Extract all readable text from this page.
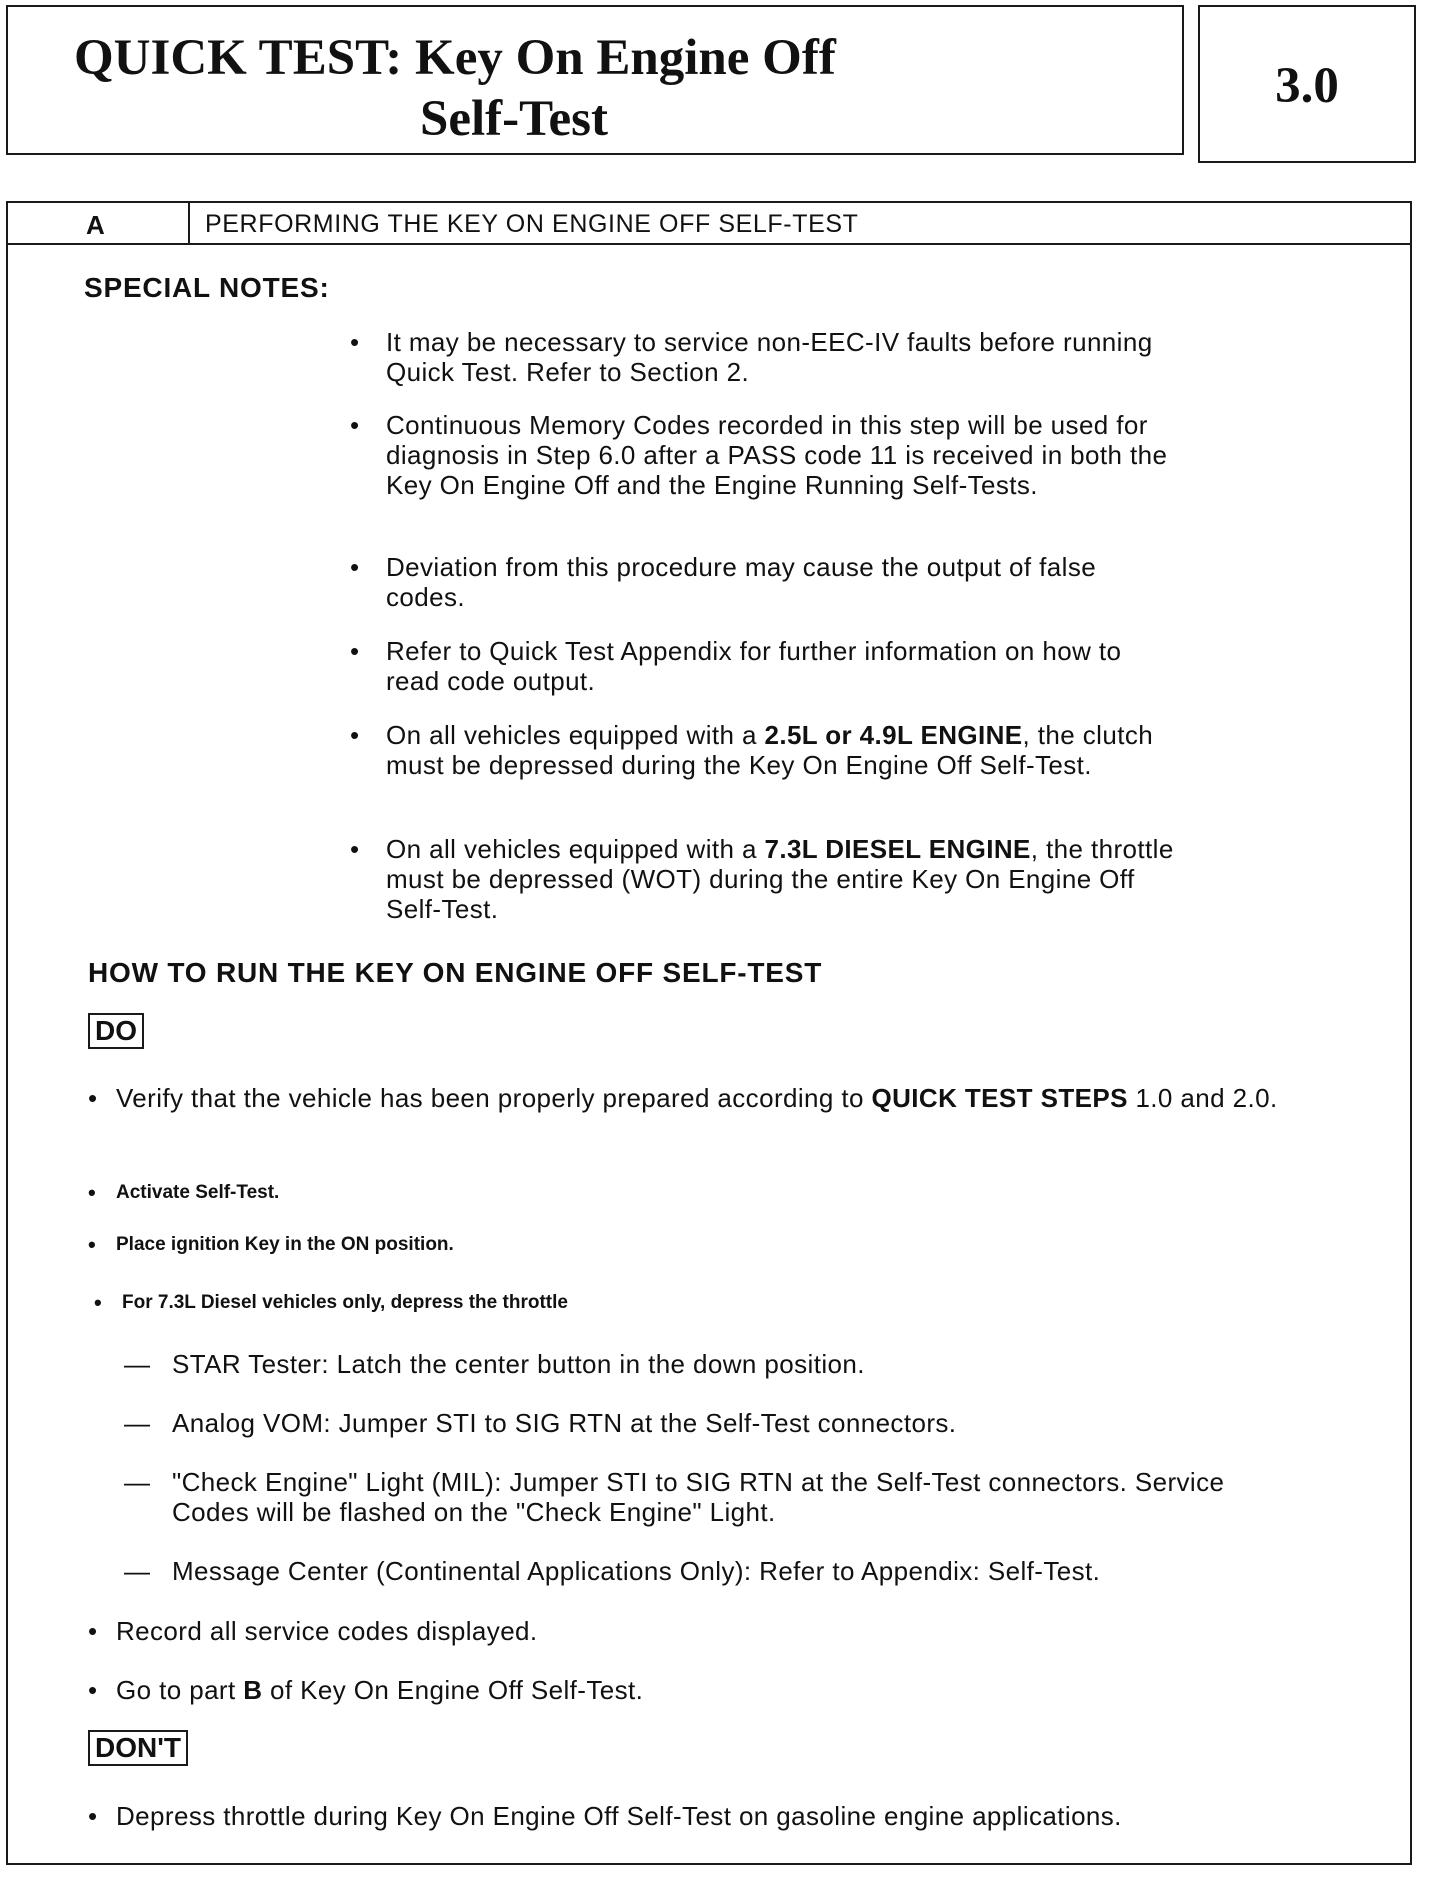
QUICK TEST: Key On Engine Off
Self-Test
3.0
A	PERFORMING THE KEY ON ENGINE OFF SELF-TEST
SPECIAL NOTES:
• It may be necessary to service non-EEC-IV faults before running Quick Test. Refer to Section 2.
• Continuous Memory Codes recorded in this step will be used for diagnosis in Step 6.0 after a PASS code 11 is received in both the Key On Engine Off and the Engine Running Self-Tests.
• Deviation from this procedure may cause the output of false codes.
• Refer to Quick Test Appendix for further information on how to read code output.
• On all vehicles equipped with a 2.5L or 4.9L ENGINE, the clutch must be depressed during the Key On Engine Off Self-Test.
• On all vehicles equipped with a 7.3L DIESEL ENGINE, the throttle must be depressed (WOT) during the entire Key On Engine Off Self-Test.
HOW TO RUN THE KEY ON ENGINE OFF SELF-TEST
DO
• Verify that the vehicle has been properly prepared according to QUICK TEST STEPS 1.0 and 2.0.
• Activate Self-Test.
• Place ignition Key in the ON position.
• For 7.3L Diesel vehicles only, depress the throttle
— STAR Tester: Latch the center button in the down position.
— Analog VOM: Jumper STI to SIG RTN at the Self-Test connectors.
— "Check Engine" Light (MIL): Jumper STI to SIG RTN at the Self-Test connectors. Service Codes will be flashed on the "Check Engine" Light.
— Message Center (Continental Applications Only): Refer to Appendix: Self-Test.
• Record all service codes displayed.
• Go to part B of Key On Engine Off Self-Test.
DON'T
• Depress throttle during Key On Engine Off Self-Test on gasoline engine applications.
